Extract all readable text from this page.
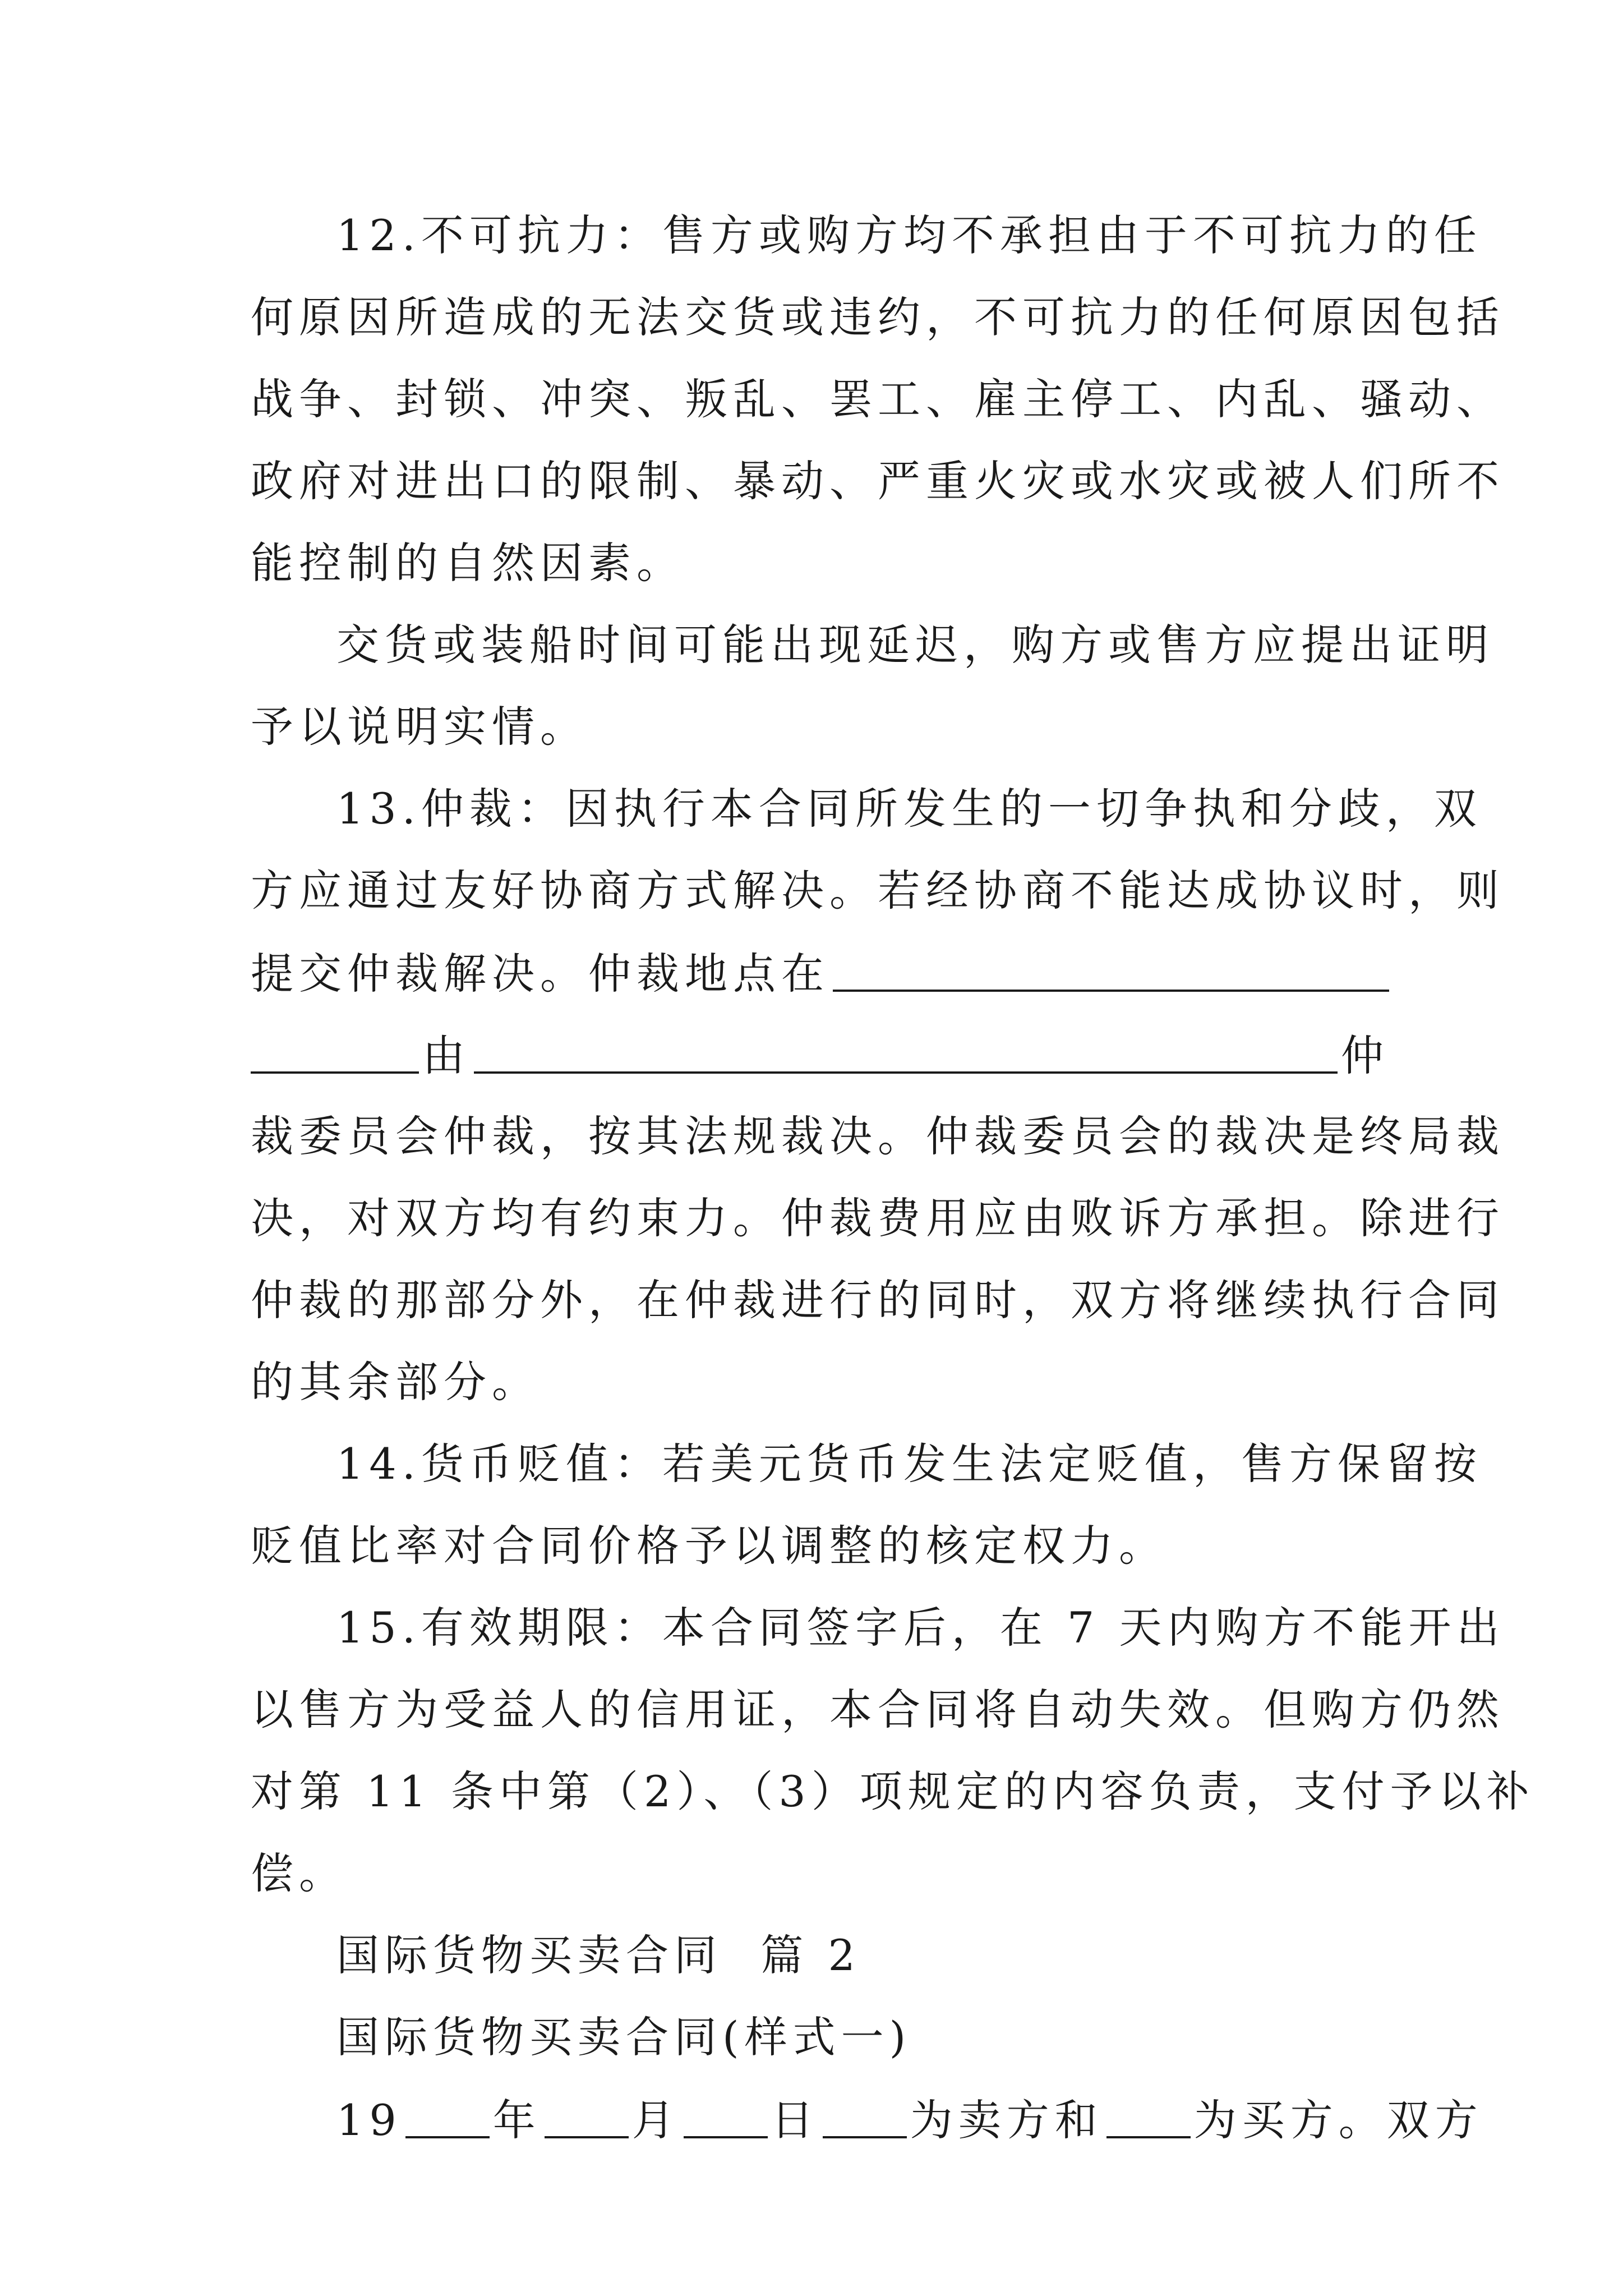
12.不可抗力：售方或购方均不承担由于不可抗力的任
何原因所造成的无法交货或违约，不可抗力的任何原因包括
战争、封锁、冲突、叛乱、罢工、雇主停工、内乱、骚动、
政府对进出口的限制、暴动、严重火灾或水灾或被人们所不
能控制的自然因素。
交货或装船时间可能出现延迟，购方或售方应提出证明
予以说明实情。
13.仲裁：因执行本合同所发生的一切争执和分歧，双
方应通过友好协商方式解决。若经协商不能达成协议时，则
提交仲裁解决。仲裁地点在
由	仲
裁委员会仲裁，按其法规裁决。仲裁委员会的裁决是终局裁
决，对双方均有约束力。仲裁费用应由败诉方承担。除进行
仲裁的那部分外，在仲裁进行的同时，双方将继续执行合同
的其余部分。
14.货币贬值：若美元货币发生法定贬值，售方保留按
贬值比率对合同价格予以调整的核定权力。
15.有效期限：本合同签字后，在 7 天内购方不能开出
以售方为受益人的信用证，本合同将自动失效。但购方仍然
对第 11 条中第（2）、（3）项规定的内容负责，支付予以补
偿。
国际货物买卖合同  篇 2
国际货物买卖合同(样式一)
19 年 月 日 为卖方和 为买方。双方
